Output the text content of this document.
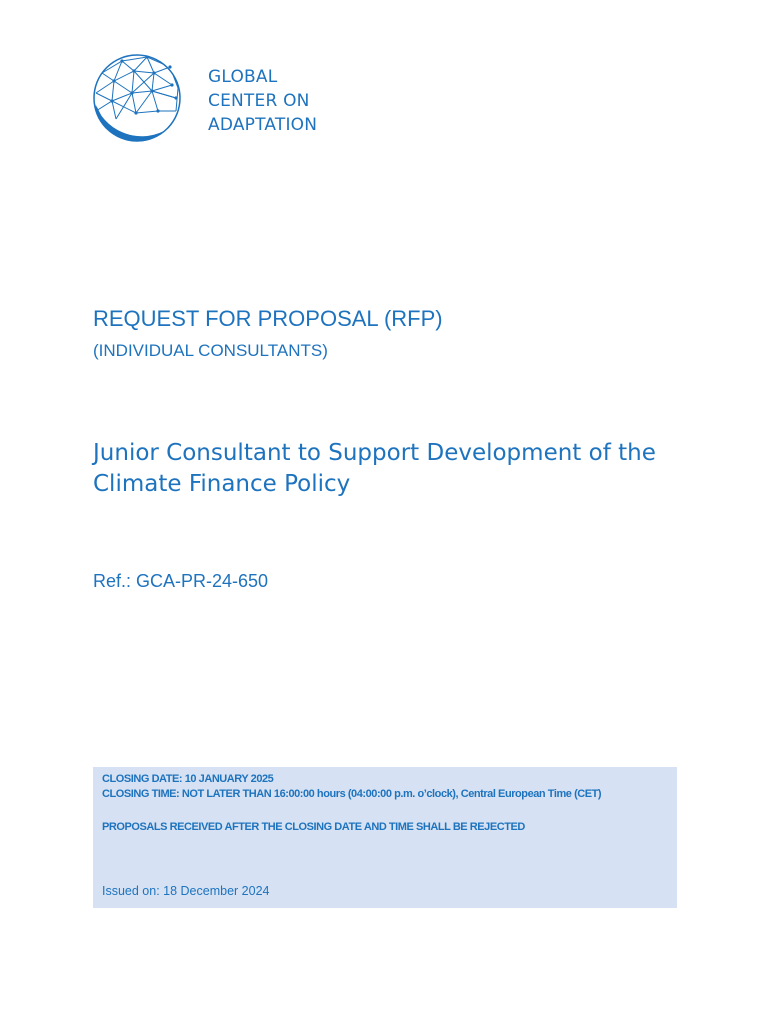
GLOBAL
CENTER ON
ADAPTATION
REQUEST FOR PROPOSAL (RFP)
(INDIVIDUAL CONSULTANTS)
Junior Consultant to Support Development of the Climate Finance Policy
Ref.: GCA-PR-24-650
CLOSING DATE: 10 JANUARY 2025
CLOSING TIME: NOT LATER THAN 16:00:00 hours (04:00:00 p.m. o’clock), Central European Time (CET)
PROPOSALS RECEIVED AFTER THE CLOSING DATE AND TIME SHALL BE REJECTED
Issued on: 18 December 2024
